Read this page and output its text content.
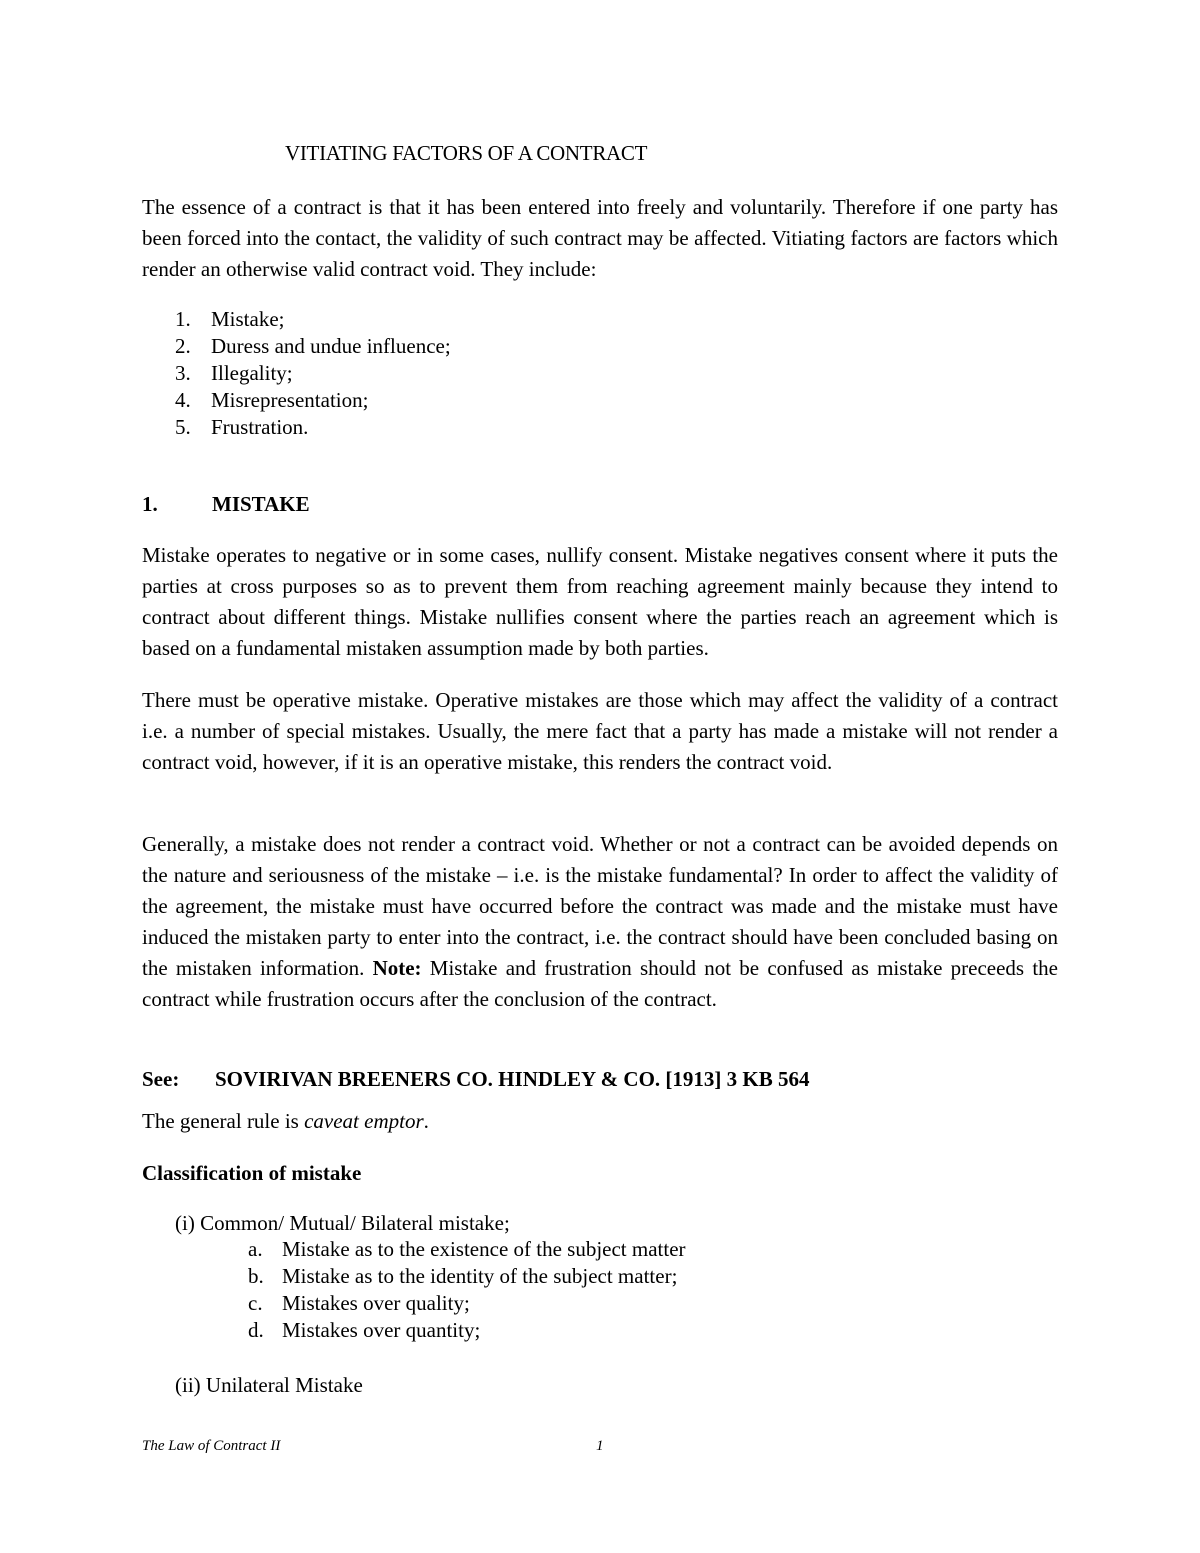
VITIATING FACTORS OF A CONTRACT

The essence of a contract is that it has been entered into freely and voluntarily. Therefore if one party has been forced into the contact, the validity of such contract may be affected. Vitiating factors are factors which render an otherwise valid contract void. They include:

1. Mistake;
2. Duress and undue influence;
3. Illegality;
4. Misrepresentation;
5. Frustration.
1.	MISTAKE

Mistake operates to negative or in some cases, nullify consent. Mistake negatives consent where it puts the parties at cross purposes so as to prevent them from reaching agreement mainly because they intend to contract about different things. Mistake nullifies consent where the parties reach an agreement which is based on a fundamental mistaken assumption made by both parties.

There must be operative mistake. Operative mistakes are those which may affect the validity of a contract i.e. a number of special mistakes. Usually, the mere fact that a party has made a mistake will not render a contract void, however, if it is an operative mistake, this renders the contract void.

Generally, a mistake does not render a contract void. Whether or not a contract can be avoided depends on the nature and seriousness of the mistake – i.e. is the mistake fundamental? In order to affect the validity of the agreement, the mistake must have occurred before the contract was made and the mistake must have induced the mistaken party to enter into the contract, i.e. the contract should have been concluded basing on the mistaken information. Note: Mistake and frustration should not be confused as mistake preceeds the contract while frustration occurs after the conclusion of the contract.

See: SOVIRIVAN BREENERS CO. HINDLEY & CO. [1913] 3 KB 564
The general rule is caveat emptor.
Classification of mistake
(i) Common/ Mutual/ Bilateral mistake;
a. Mistake as to the existence of the subject matter
b. Mistake as to the identity of the subject matter;
c. Mistakes over quality;
d. Mistakes over quantity;
(ii) Unilateral Mistake
The Law of Contract II	1
